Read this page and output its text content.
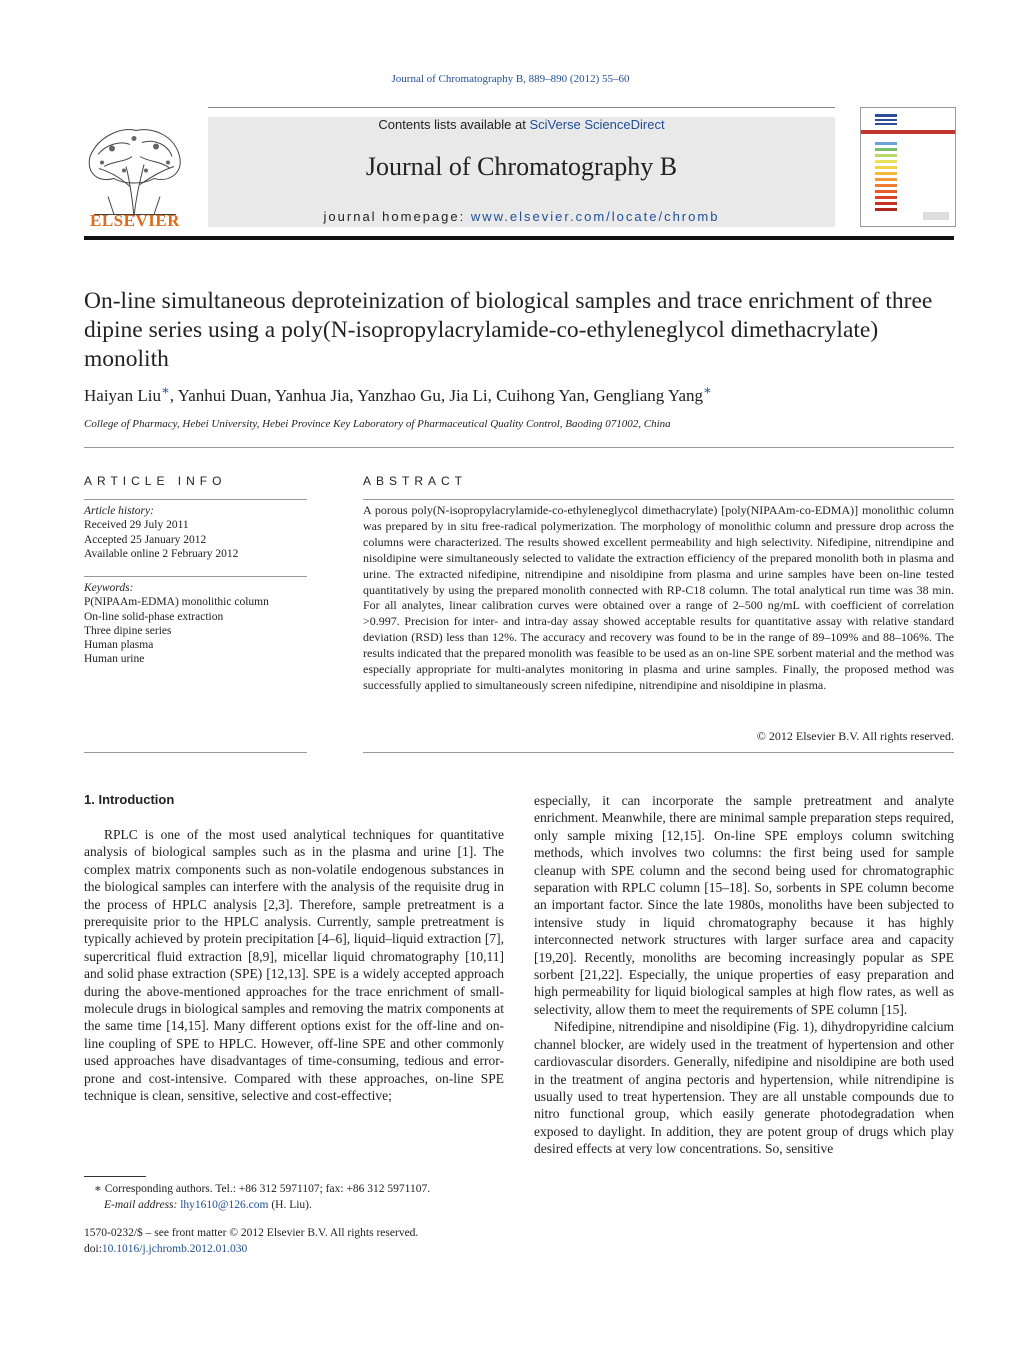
Journal of Chromatography B, 889–890 (2012) 55–60
ELSEVIER
Contents lists available at SciVerse ScienceDirect
Journal of Chromatography B
journal homepage: www.elsevier.com/locate/chromb
On-line simultaneous deproteinization of biological samples and trace enrichment of three dipine series using a poly(N-isopropylacrylamide-co-ethyleneglycol dimethacrylate) monolith
Haiyan Liu∗, Yanhui Duan, Yanhua Jia, Yanzhao Gu, Jia Li, Cuihong Yan, Gengliang Yang∗
College of Pharmacy, Hebei University, Hebei Province Key Laboratory of Pharmaceutical Quality Control, Baoding 071002, China
ARTICLE INFO
Article history:
Received 29 July 2011
Accepted 25 January 2012
Available online 2 February 2012
Keywords:
P(NIPAAm-EDMA) monolithic column
On-line solid-phase extraction
Three dipine series
Human plasma
Human urine
ABSTRACT
A porous poly(N-isopropylacrylamide-co-ethyleneglycol dimethacrylate) [poly(NIPAAm-co-EDMA)] monolithic column was prepared by in situ free-radical polymerization. The morphology of monolithic column and pressure drop across the columns were characterized. The results showed excellent permeability and high selectivity. Nifedipine, nitrendipine and nisoldipine were simultaneously selected to validate the extraction efficiency of the prepared monolith both in plasma and urine. The extracted nifedipine, nitrendipine and nisoldipine from plasma and urine samples have been on-line tested quantitatively by using the prepared monolith connected with RP-C18 column. The total analytical run time was 38 min. For all analytes, linear calibration curves were obtained over a range of 2–500 ng/mL with coefficient of correlation >0.997. Precision for inter- and intra-day assay showed acceptable results for quantitative assay with relative standard deviation (RSD) less than 12%. The accuracy and recovery was found to be in the range of 89–109% and 88–106%. The results indicated that the prepared monolith was feasible to be used as an on-line SPE sorbent material and the method was especially appropriate for multi-analytes monitoring in plasma and urine samples. Finally, the proposed method was successfully applied to simultaneously screen nifedipine, nitrendipine and nisoldipine in plasma.
© 2012 Elsevier B.V. All rights reserved.
1. Introduction

RPLC is one of the most used analytical techniques for quantitative analysis of biological samples such as in the plasma and urine [1]. The complex matrix components such as non-volatile endogenous substances in the biological samples can interfere with the analysis of the requisite drug in the process of HPLC analysis [2,3]. Therefore, sample pretreatment is a prerequisite prior to the HPLC analysis. Currently, sample pretreatment is typically achieved by protein precipitation [4–6], liquid–liquid extraction [7], supercritical fluid extraction [8,9], micellar liquid chromatography [10,11] and solid phase extraction (SPE) [12,13]. SPE is a widely accepted approach during the above-mentioned approaches for the trace enrichment of small-molecule drugs in biological samples and removing the matrix components at the same time [14,15]. Many different options exist for the off-line and on-line coupling of SPE to HPLC. However, off-line SPE and other commonly used approaches have disadvantages of time-consuming, tedious and error-prone and cost-intensive. Compared with these approaches, on-line SPE technique is clean, sensitive, selective and cost-effective;

especially, it can incorporate the sample pretreatment and analyte enrichment. Meanwhile, there are minimal sample preparation steps required, only sample mixing [12,15]. On-line SPE employs column switching methods, which involves two columns: the first being used for sample cleanup with SPE column and the second being used for chromatographic separation with RPLC column [15–18]. So, sorbents in SPE column become an important factor. Since the late 1980s, monoliths have been subjected to intensive study in liquid chromatography because it has highly interconnected network structures with larger surface area and capacity [19,20]. Recently, monoliths are becoming increasingly popular as SPE sorbent [21,22]. Especially, the unique properties of easy preparation and high permeability for liquid biological samples at high flow rates, as well as selectivity, allow them to meet the requirements of SPE column [15].

Nifedipine, nitrendipine and nisoldipine (Fig. 1), dihydropyridine calcium channel blocker, are widely used in the treatment of hypertension and other cardiovascular disorders. Generally, nifedipine and nisoldipine are both used in the treatment of angina pectoris and hypertension, while nitrendipine is usually used to treat hypertension. They are all unstable compounds due to nitro functional group, which easily generate photodegradation when exposed to daylight. In addition, they are potent group of drugs which play desired effects at very low concentrations. So, sensitive

∗ Corresponding authors. Tel.: +86 312 5971107; fax: +86 312 5971107.
E-mail address: lhy1610@126.com (H. Liu).
1570-0232/$ – see front matter © 2012 Elsevier B.V. All rights reserved.
doi:10.1016/j.jchromb.2012.01.030
